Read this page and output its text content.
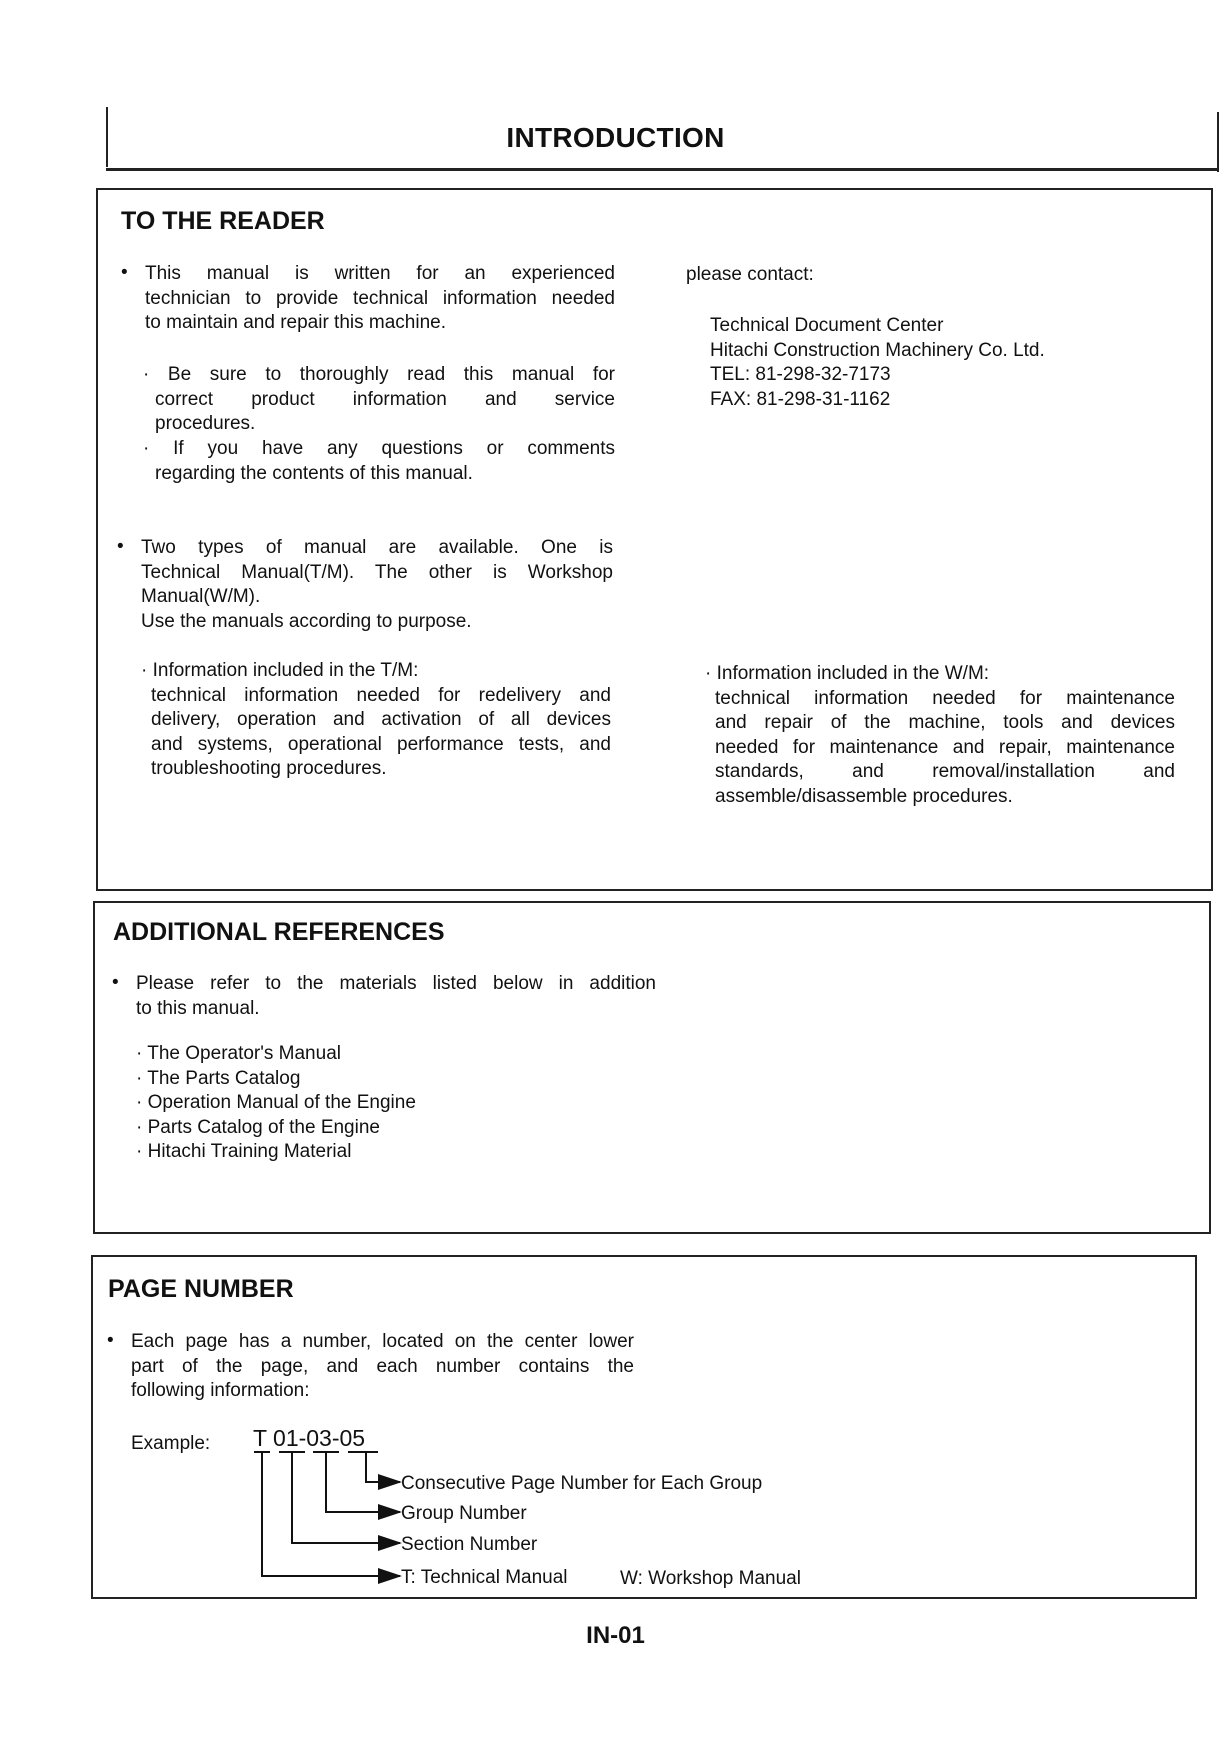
INTRODUCTION
TO THE READER
• This manual is written for an experienced
technician to provide technical information needed
to maintain and repair this machine.
· Be sure to thoroughly read this manual for
correct product information and service
procedures.
· If you have any questions or comments
regarding the contents of this manual.
please contact:
Technical Document Center
Hitachi Construction Machinery Co. Ltd.
TEL: 81-298-32-7173
FAX: 81-298-31-1162
• Two types of manual are available. One is
Technical Manual(T/M). The other is Workshop
Manual(W/M).
Use the manuals according to purpose.
· Information included in the T/M:
technical information needed for redelivery and
delivery, operation and activation of all devices
and systems, operational performance tests, and
troubleshooting procedures.
· Information included in the W/M:
technical information needed for maintenance
and repair of the machine, tools and devices
needed for maintenance and repair, maintenance
standards, and removal/installation and
assemble/disassemble procedures.
ADDITIONAL REFERENCES
• Please refer to the materials listed below in addition
to this manual.
· The Operator's Manual
· The Parts Catalog
· Operation Manual of the Engine
· Parts Catalog of the Engine
· Hitachi Training Material
PAGE NUMBER
• Each page has a number, located on the center lower
part of the page, and each number contains the
following information:
Example: T 01-03-05
Consecutive Page Number for Each Group
Group Number
Section Number
T: Technical Manual	W: Workshop Manual
IN-01
